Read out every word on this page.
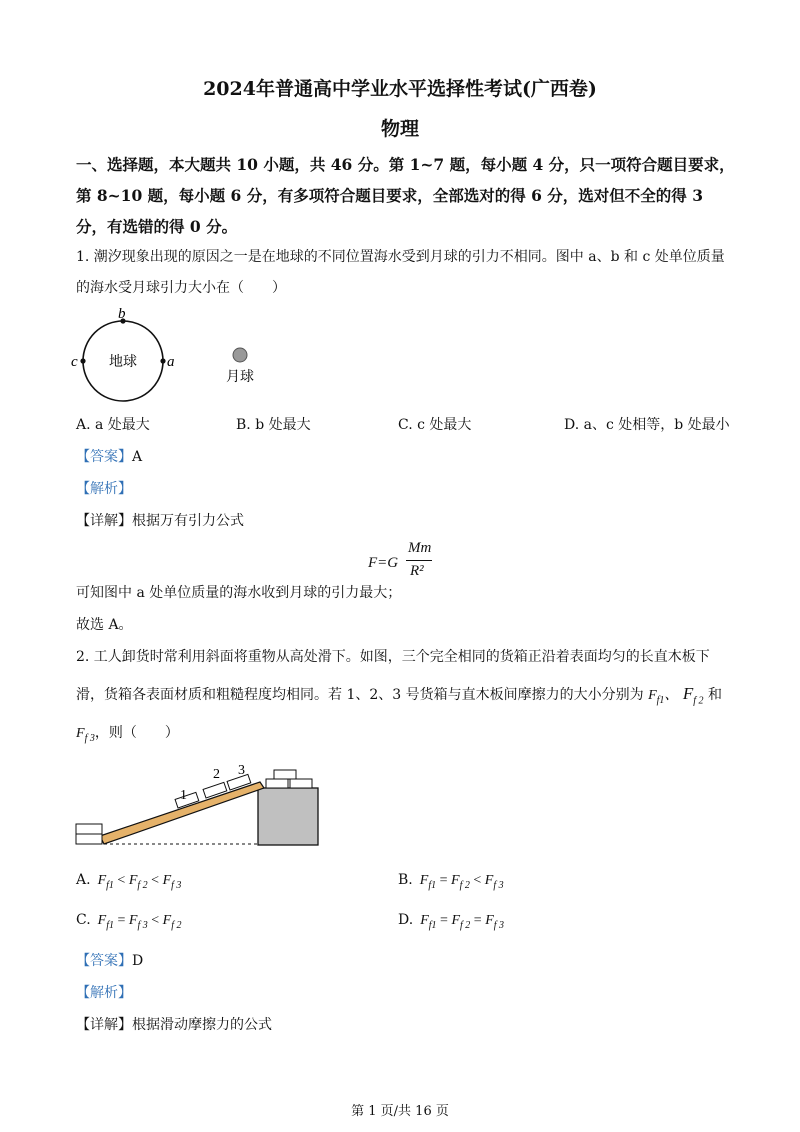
2024年普通高中学业水平选择性考试(广西卷)
物理
一、选择题，本大题共 10 小题，共 46 分。第 1~7 题，每小题 4 分，只一项符合题目要求，
第 8~10 题，每小题 6 分，有多项符合题目要求，全部选对的得 6 分，选对但不全的得 3
分，有选错的得 0 分。
1. 潮汐现象出现的原因之一是在地球的不同位置海水受到月球的引力不相同。图中 a、b 和 c 处单位质量
的海水受月球引力大小在（　　）
b
c	a
地球
月球
A. a 处最大	B. b 处最大	C. c 处最大	D. a、c 处相等，b 处最小
【答案】A
【解析】
【详解】根据万有引力公式
F=G
Mm
R²
可知图中 a 处单位质量的海水收到月球的引力最大；
故选 A。
2. 工人卸货时常利用斜面将重物从高处滑下。如图，三个完全相同的货箱正沿着表面均匀的长直木板下
滑，货箱各表面材质和粗糙程度均相同。若 1、2、3 号货箱与直木板间摩擦力的大小分别为 $F_{f1}$、 $F_{f 2}$ 和
$F_{f 3}$，则（　　）
1
2 3
A. $F_{f1} < F_{f 2} < F_{f 3}$	B. $F_{f1} = F_{f 2} < F_{f 3}$
C. $F_{f1} = F_{f 3} < F_{f 2}$	D. $F_{f1} = F_{f 2} = F_{f 3}$
【答案】D
【解析】
【详解】根据滑动摩擦力的公式
第 1 页/共 16 页
